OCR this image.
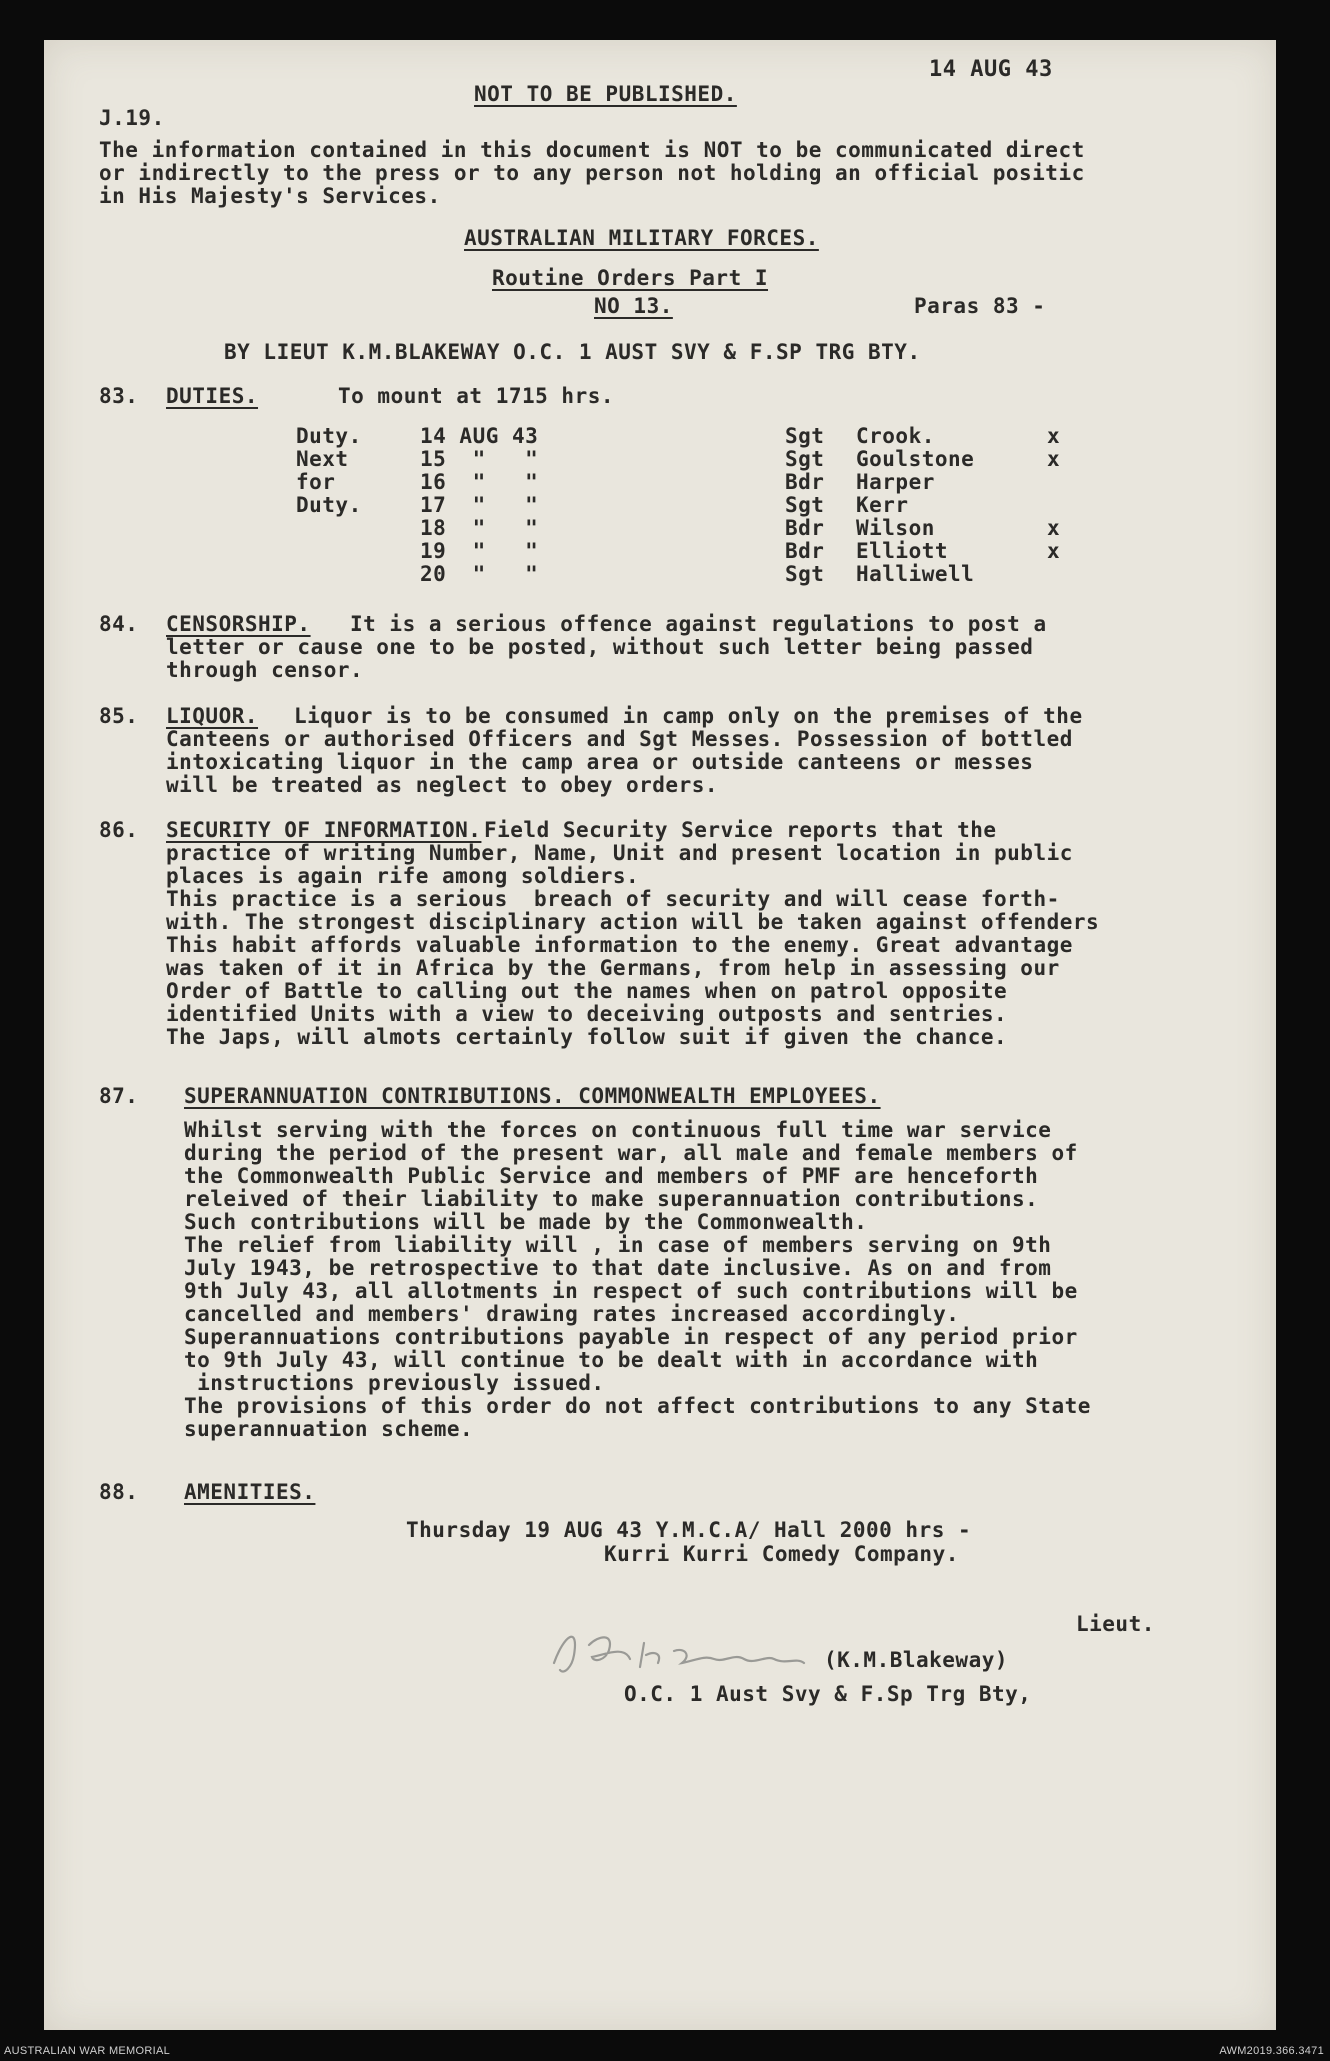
14 AUG 43
NOT TO BE PUBLISHED.
J.19.
The information contained in this document is NOT to be communicated direct
or indirectly to the press or to any person not holding an official positic
in His Majesty's Services.
AUSTRALIAN MILITARY FORCES.
Routine Orders Part I
NO 13.	Paras 83 -
BY LIEUT K.M.BLAKEWAY O.C. 1 AUST SVY & F.SP TRG BTY.
83. DUTIES.	To mount at 1715 hrs.
Duty.
Next
for
Duty.
14 AUG 43	Sgt Crook.	x
15  "   "	Sgt Goulstone	x
16  "   "	Bdr Harper
17  "   "	Sgt Kerr
18  "   "	Bdr Wilson	x
19  "   "	Bdr Elliott	x
20  "   "	Sgt Halliwell
84. CENSORSHIP. It is a serious offence against regulations to post a
letter or cause one to be posted, without such letter being passed
through censor.
85. LIQUOR. Liquor is to be consumed in camp only on the premises of the
Canteens or authorised Officers and Sgt Messes. Possession of bottled
intoxicating liquor in the camp area or outside canteens or messes
will be treated as neglect to obey orders.
86. SECURITY OF INFORMATION. Field Security Service reports that the
practice of writing Number, Name, Unit and present location in public
places is again rife among soldiers.
This practice is a serious  breach of security and will cease forth-
with. The strongest disciplinary action will be taken against offenders
This habit affords valuable information to the enemy. Great advantage
was taken of it in Africa by the Germans, from help in assessing our
Order of Battle to calling out the names when on patrol opposite
identified Units with a view to deceiving outposts and sentries.
The Japs, will almots certainly follow suit if given the chance.
87. SUPERANNUATION CONTRIBUTIONS. COMMONWEALTH EMPLOYEES.
Whilst serving with the forces on continuous full time war service
during the period of the present war, all male and female members of
the Commonwealth Public Service and members of PMF are henceforth
releived of their liability to make superannuation contributions.
Such contributions will be made by the Commonwealth.
The relief from liability will , in case of members serving on 9th
July 1943, be retrospective to that date inclusive. As on and from
9th July 43, all allotments in respect of such contributions will be
cancelled and members' drawing rates increased accordingly.
Superannuations contributions payable in respect of any period prior
to 9th July 43, will continue to be dealt with in accordance with
instructions previously issued.
The provisions of this order do not affect contributions to any State
superannuation scheme.
88. AMENITIES.
Thursday 19 AUG 43 Y.M.C.A/ Hall 2000 hrs -
Kurri Kurri Comedy Company.
Lieut.
(K.M.Blakeway)
O.C. 1 Aust Svy & F.Sp Trg Bty,
AUSTRALIAN WAR MEMORIAL	AWM2019.366.3471
